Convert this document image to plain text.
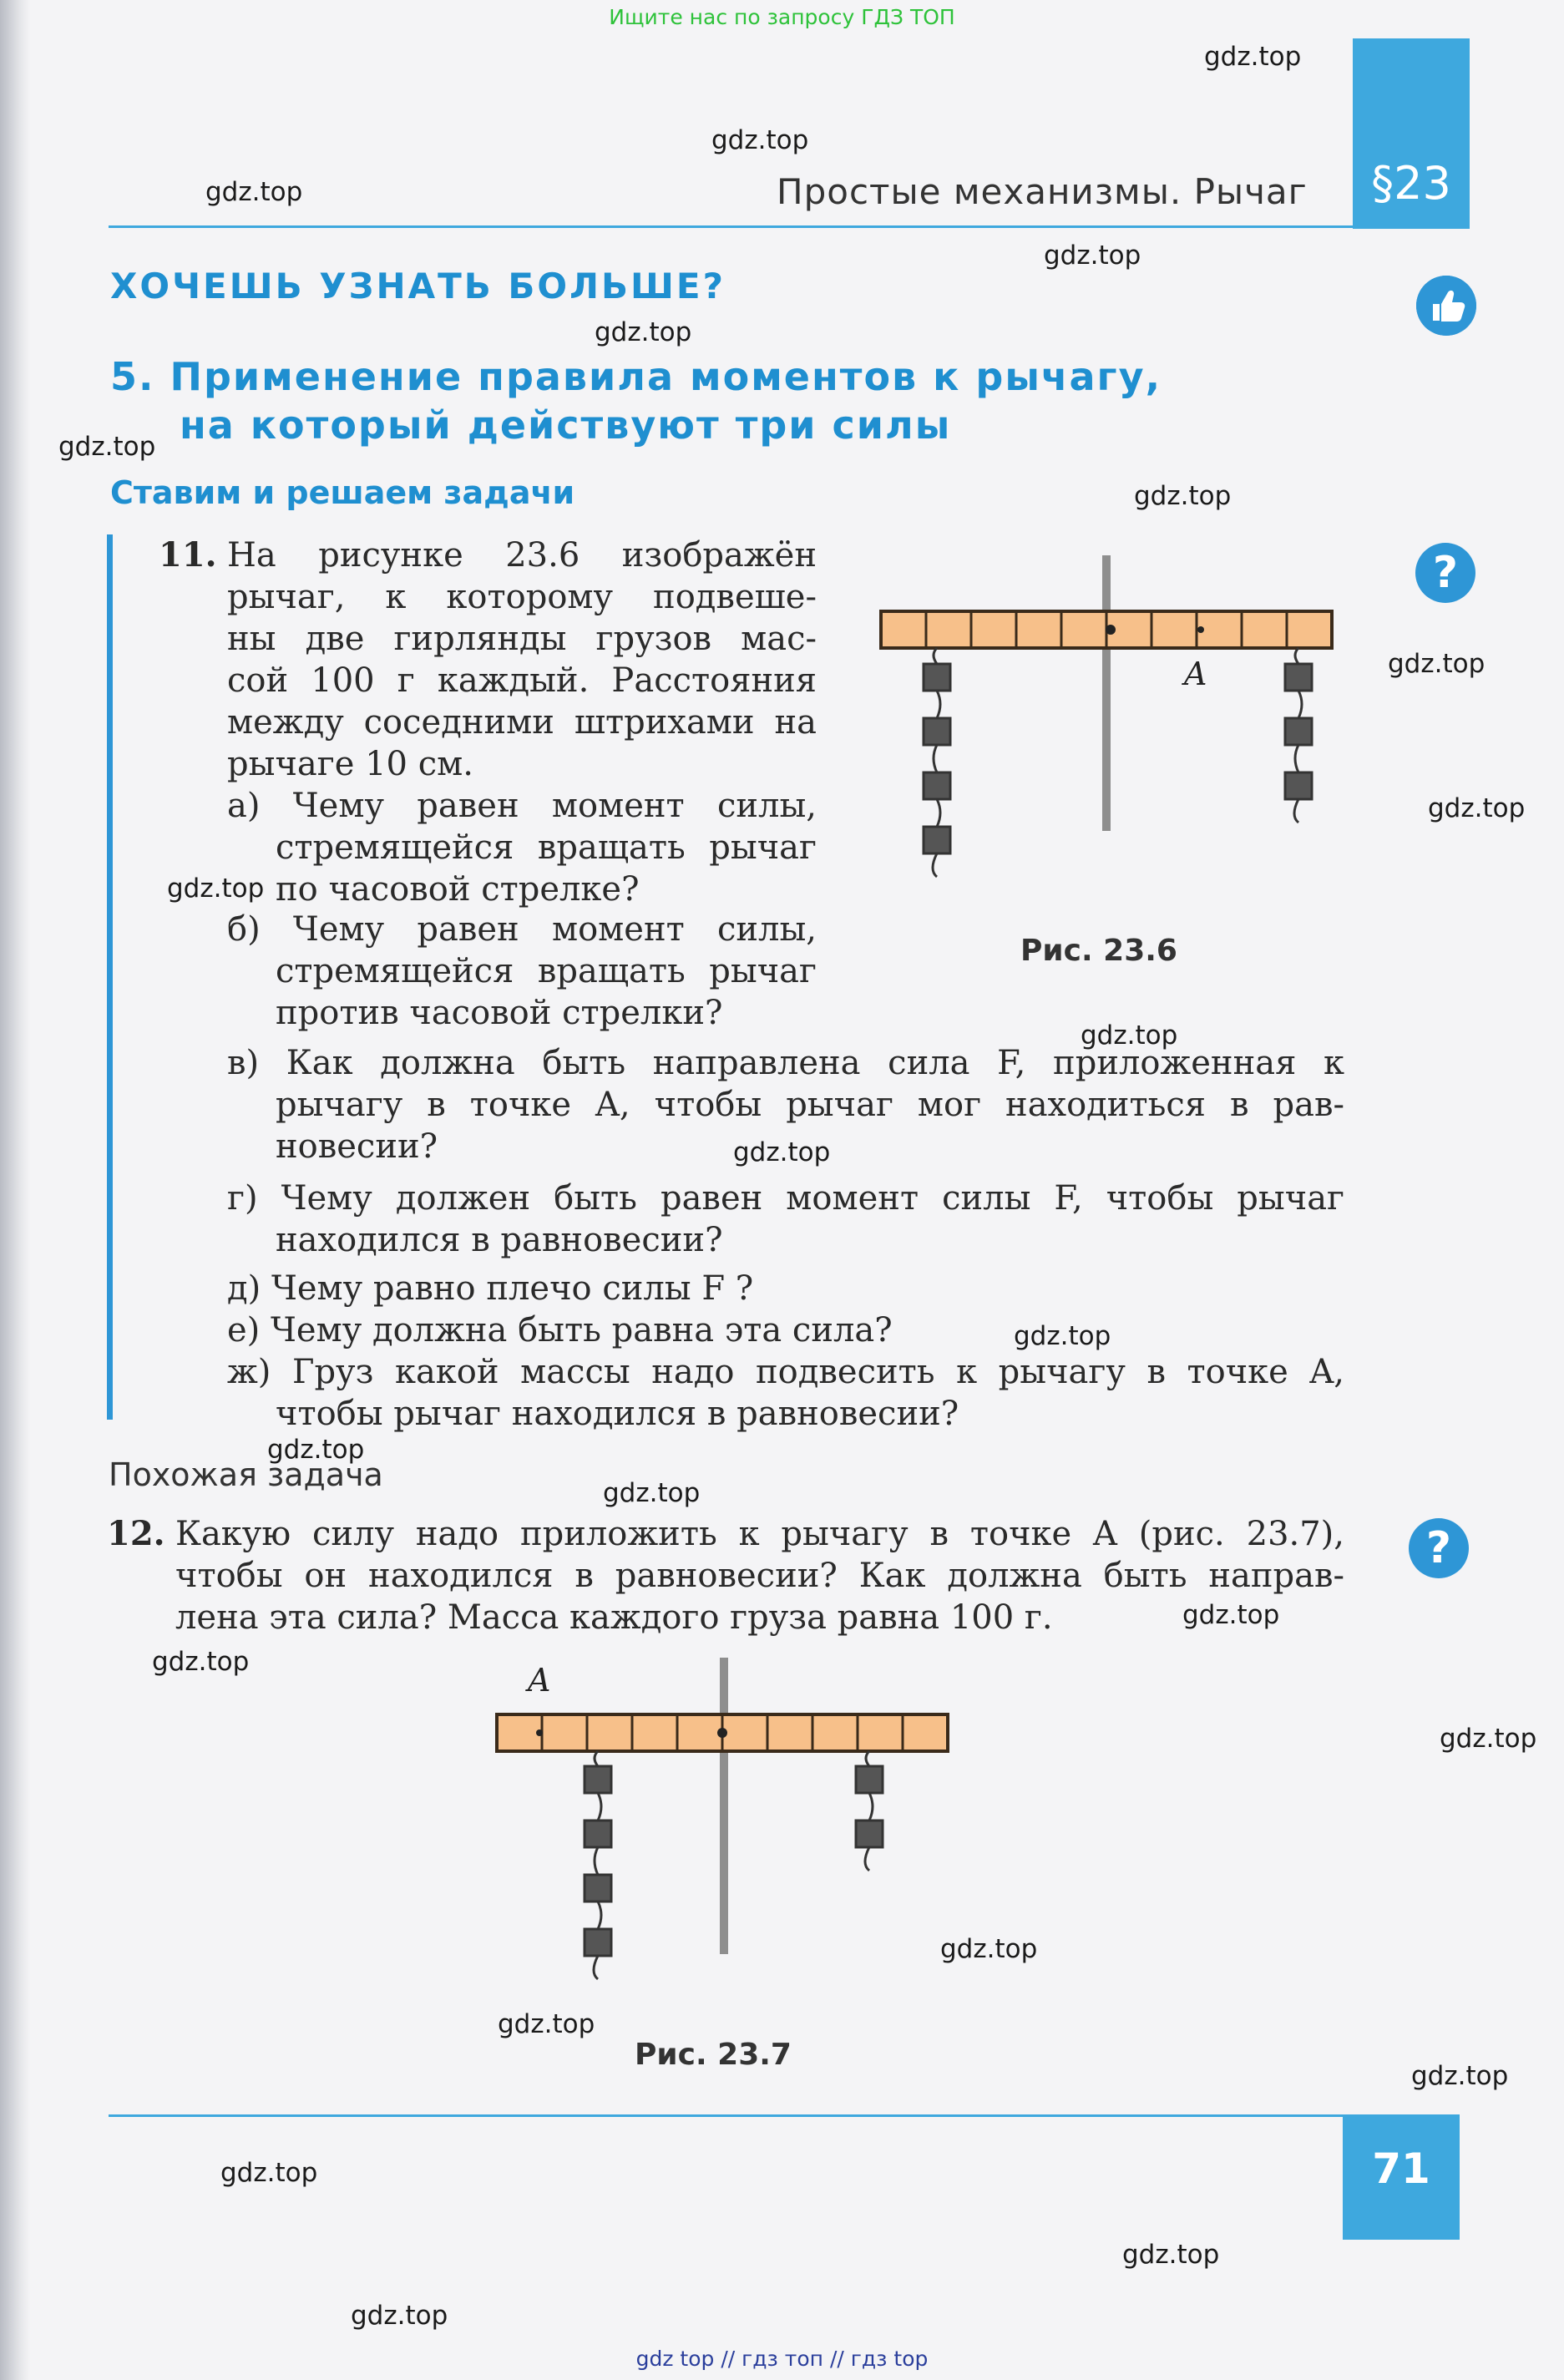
Ищите нас по запросу ГДЗ ТОП
§23
Простые механизмы. Рычаг
?
?
ХОЧЕШЬ УЗНАТЬ БОЛЬШЕ?
5. Применение правила моментов к рычагу,
на который действуют три силы
Ставим и решаем задачи
11. На рисунке 23.6 изображён
рычаг, к которому подвеше-
ны две гирлянды грузов мас-
сой 100 г каждый. Расстояния
между соседними штрихами на
рычаге 10 см.
а) Чему равен момент силы,
стремящейся вращать рычаг
по часовой стрелке?
б) Чему равен момент силы,
стремящейся вращать рычаг
против часовой стрелки?
в) Как должна быть направлена сила F, приложенная к
рычагу в точке A, чтобы рычаг мог находиться в рав-
новесии?
г) Чему должен быть равен момент силы F, чтобы рычаг
находился в равновесии?
д) Чему равно плечо силы F ?
е) Чему должна быть равна эта сила?
ж) Груз какой массы надо подвесить к рычагу в точке A,
чтобы рычаг находился в равновесии?
Похожая задача
12. Какую силу надо приложить к рычагу в точке A (рис. 23.7),
чтобы он находился в равновесии? Как должна быть направ-
лена эта сила? Масса каждого груза равна 100 г.
A
Рис. 23.6
A
Рис. 23.7
71
gdz.top
gdz.top
gdz.top
gdz.top
gdz.top
gdz.top
gdz.top
gdz.top
gdz.top
gdz.top
gdz.top
gdz.top
gdz.top
gdz.top
gdz.top
gdz.top
gdz.top
gdz.top
gdz.top
gdz.top
gdz.top
gdz.top
gdz.top
gdz.top
gdz top // гдз топ // гдз top
